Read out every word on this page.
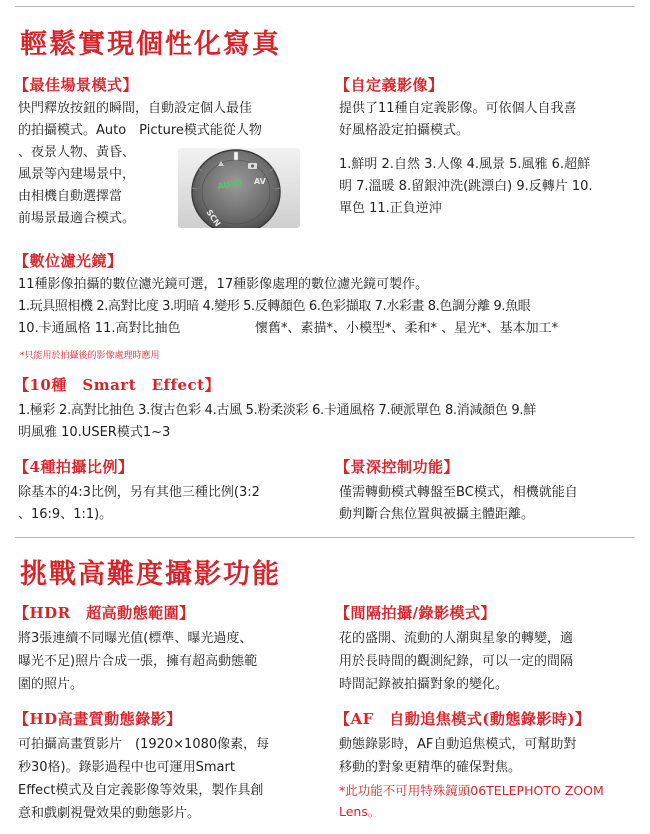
輕鬆實現個性化寫真
【最佳場景模式】
快門釋放按鈕的瞬間，自動設定個人最佳
的拍攝模式。Auto　Picture模式能從人物
、夜景人物、黃昏、
風景等內建場景中，
由相機自動選擇當
前場景最適合模式。
AUTO AV
SCN
【自定義影像】
提供了11種自定義影像。可依個人自我喜
好風格設定拍攝模式。
1.鮮明 2.自然 3.人像 4.風景 5.風雅 6.超鮮
明 7.溫暖 8.留銀沖洗(跳漂白) 9.反轉片 10.
單色 11.正負逆沖
【數位濾光鏡】
11種影像拍攝的數位濾光鏡可選，17種影像處理的數位濾光鏡可製作。
1.玩具照相機 2.高對比度 3.明暗 4.變形 5.反轉顏色 6.色彩擷取 7.水彩畫 8.色調分離 9.魚眼
10.卡通風格 11.高對比抽色	懷舊*、素描*、小模型*、柔和* 、星光*、基本加工*
*只能用於拍攝後的影像處理時應用
【10種　Smart　Effect】
1.極彩 2.高對比抽色 3.復古色彩 4.古風 5.粉柔淡彩 6.卡通風格 7.硬派單色 8.消減顏色 9.鮮
明風雅 10.USER模式1~3
【4種拍攝比例】
除基本的4:3比例，另有其他三種比例(3:2
、16:9、1:1)。
【景深控制功能】
僅需轉動模式轉盤至BC模式，相機就能自
動判斷合焦位置與被攝主體距離。
挑戰高難度攝影功能
【HDR　超高動態範圍】
將3張連續不同曝光值(標準、曝光過度、
曝光不足)照片合成一張，擁有超高動態範
圍的照片。
【間隔拍攝/錄影模式】
花的盛開、流動的人潮與星象的轉變，適
用於長時間的觀測紀錄，可以一定的間隔
時間記錄被拍攝對象的變化。
【HD高畫質動態錄影】
可拍攝高畫質影片　(1920×1080像素，每
秒30格)。錄影過程中也可運用Smart
Effect模式及自定義影像等效果，製作具創
意和戲劇視覺效果的動態影片。
【AF　自動追焦模式(動態錄影時)】
動態錄影時，AF自動追焦模式，可幫助對
移動的對象更精準的確保對焦。
*此功能不可用特殊鏡頭06TELEPHOTO ZOOM
Lens。
